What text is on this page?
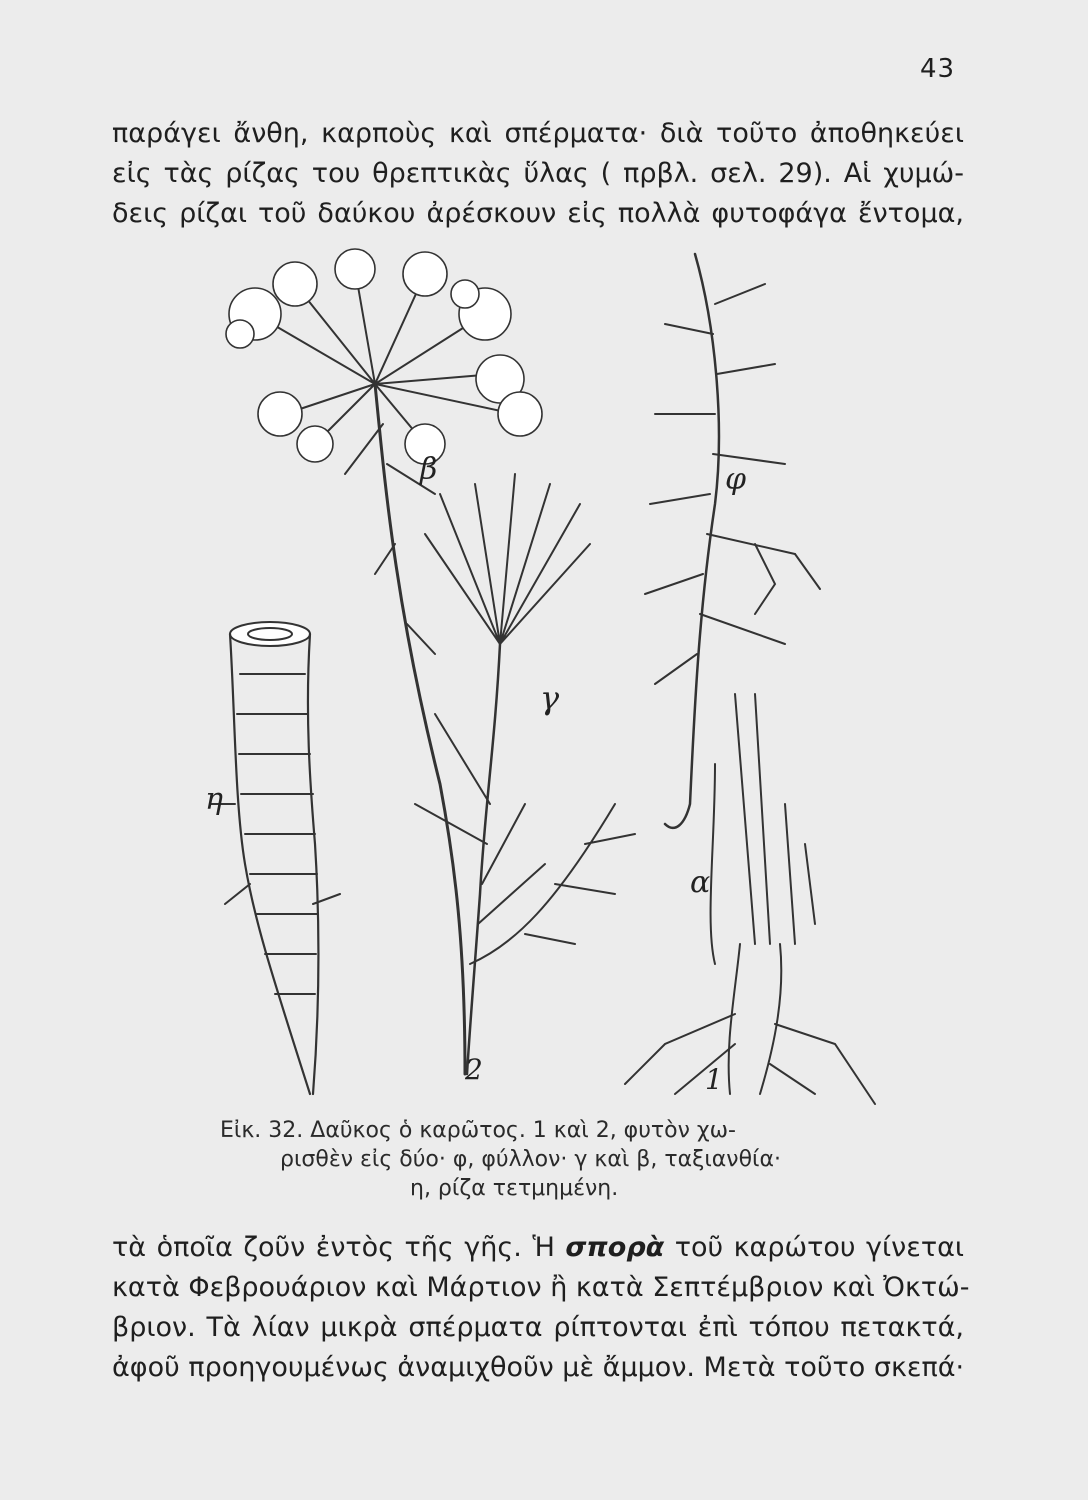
43
παράγει ἄνθη, καρποὺς καὶ σπέρματα· διὰ τοῦτο ἀποθηκεύει
εἰς τὰς ρίζας του θρεπτικὰς ὕλας ( πρβλ. σελ. 29). Αἱ χυμώ-
δεις ρίζαι τοῦ δαύκου ἀρέσκουν εἰς πολλὰ φυτοφάγα ἔντομα,
β
γ
φ
η
α
2	1
Εἰκ. 32. Δαῦκος ὁ καρῶτος. 1 καὶ 2, φυτὸν χω-
ρισθὲν εἰς δύο· φ, φύλλον· γ καὶ β, ταξιανθία·
η, ρίζα τετμημένη.
τὰ ὁποῖα ζοῦν ἐντὸς τῆς γῆς. Ἡ σπορὰ τοῦ καρώτου γίνεται
κατὰ Φεβρουάριον καὶ Μάρτιον ἢ κατὰ Σεπτέμβριον καὶ Ὀκτώ-
βριον. Τὰ λίαν μικρὰ σπέρματα ρίπτονται ἐπὶ τόπου πετακτά,
ἀφοῦ προηγουμένως ἀναμιχθοῦν μὲ ἄμμον. Μετὰ τοῦτο σκεπά·
